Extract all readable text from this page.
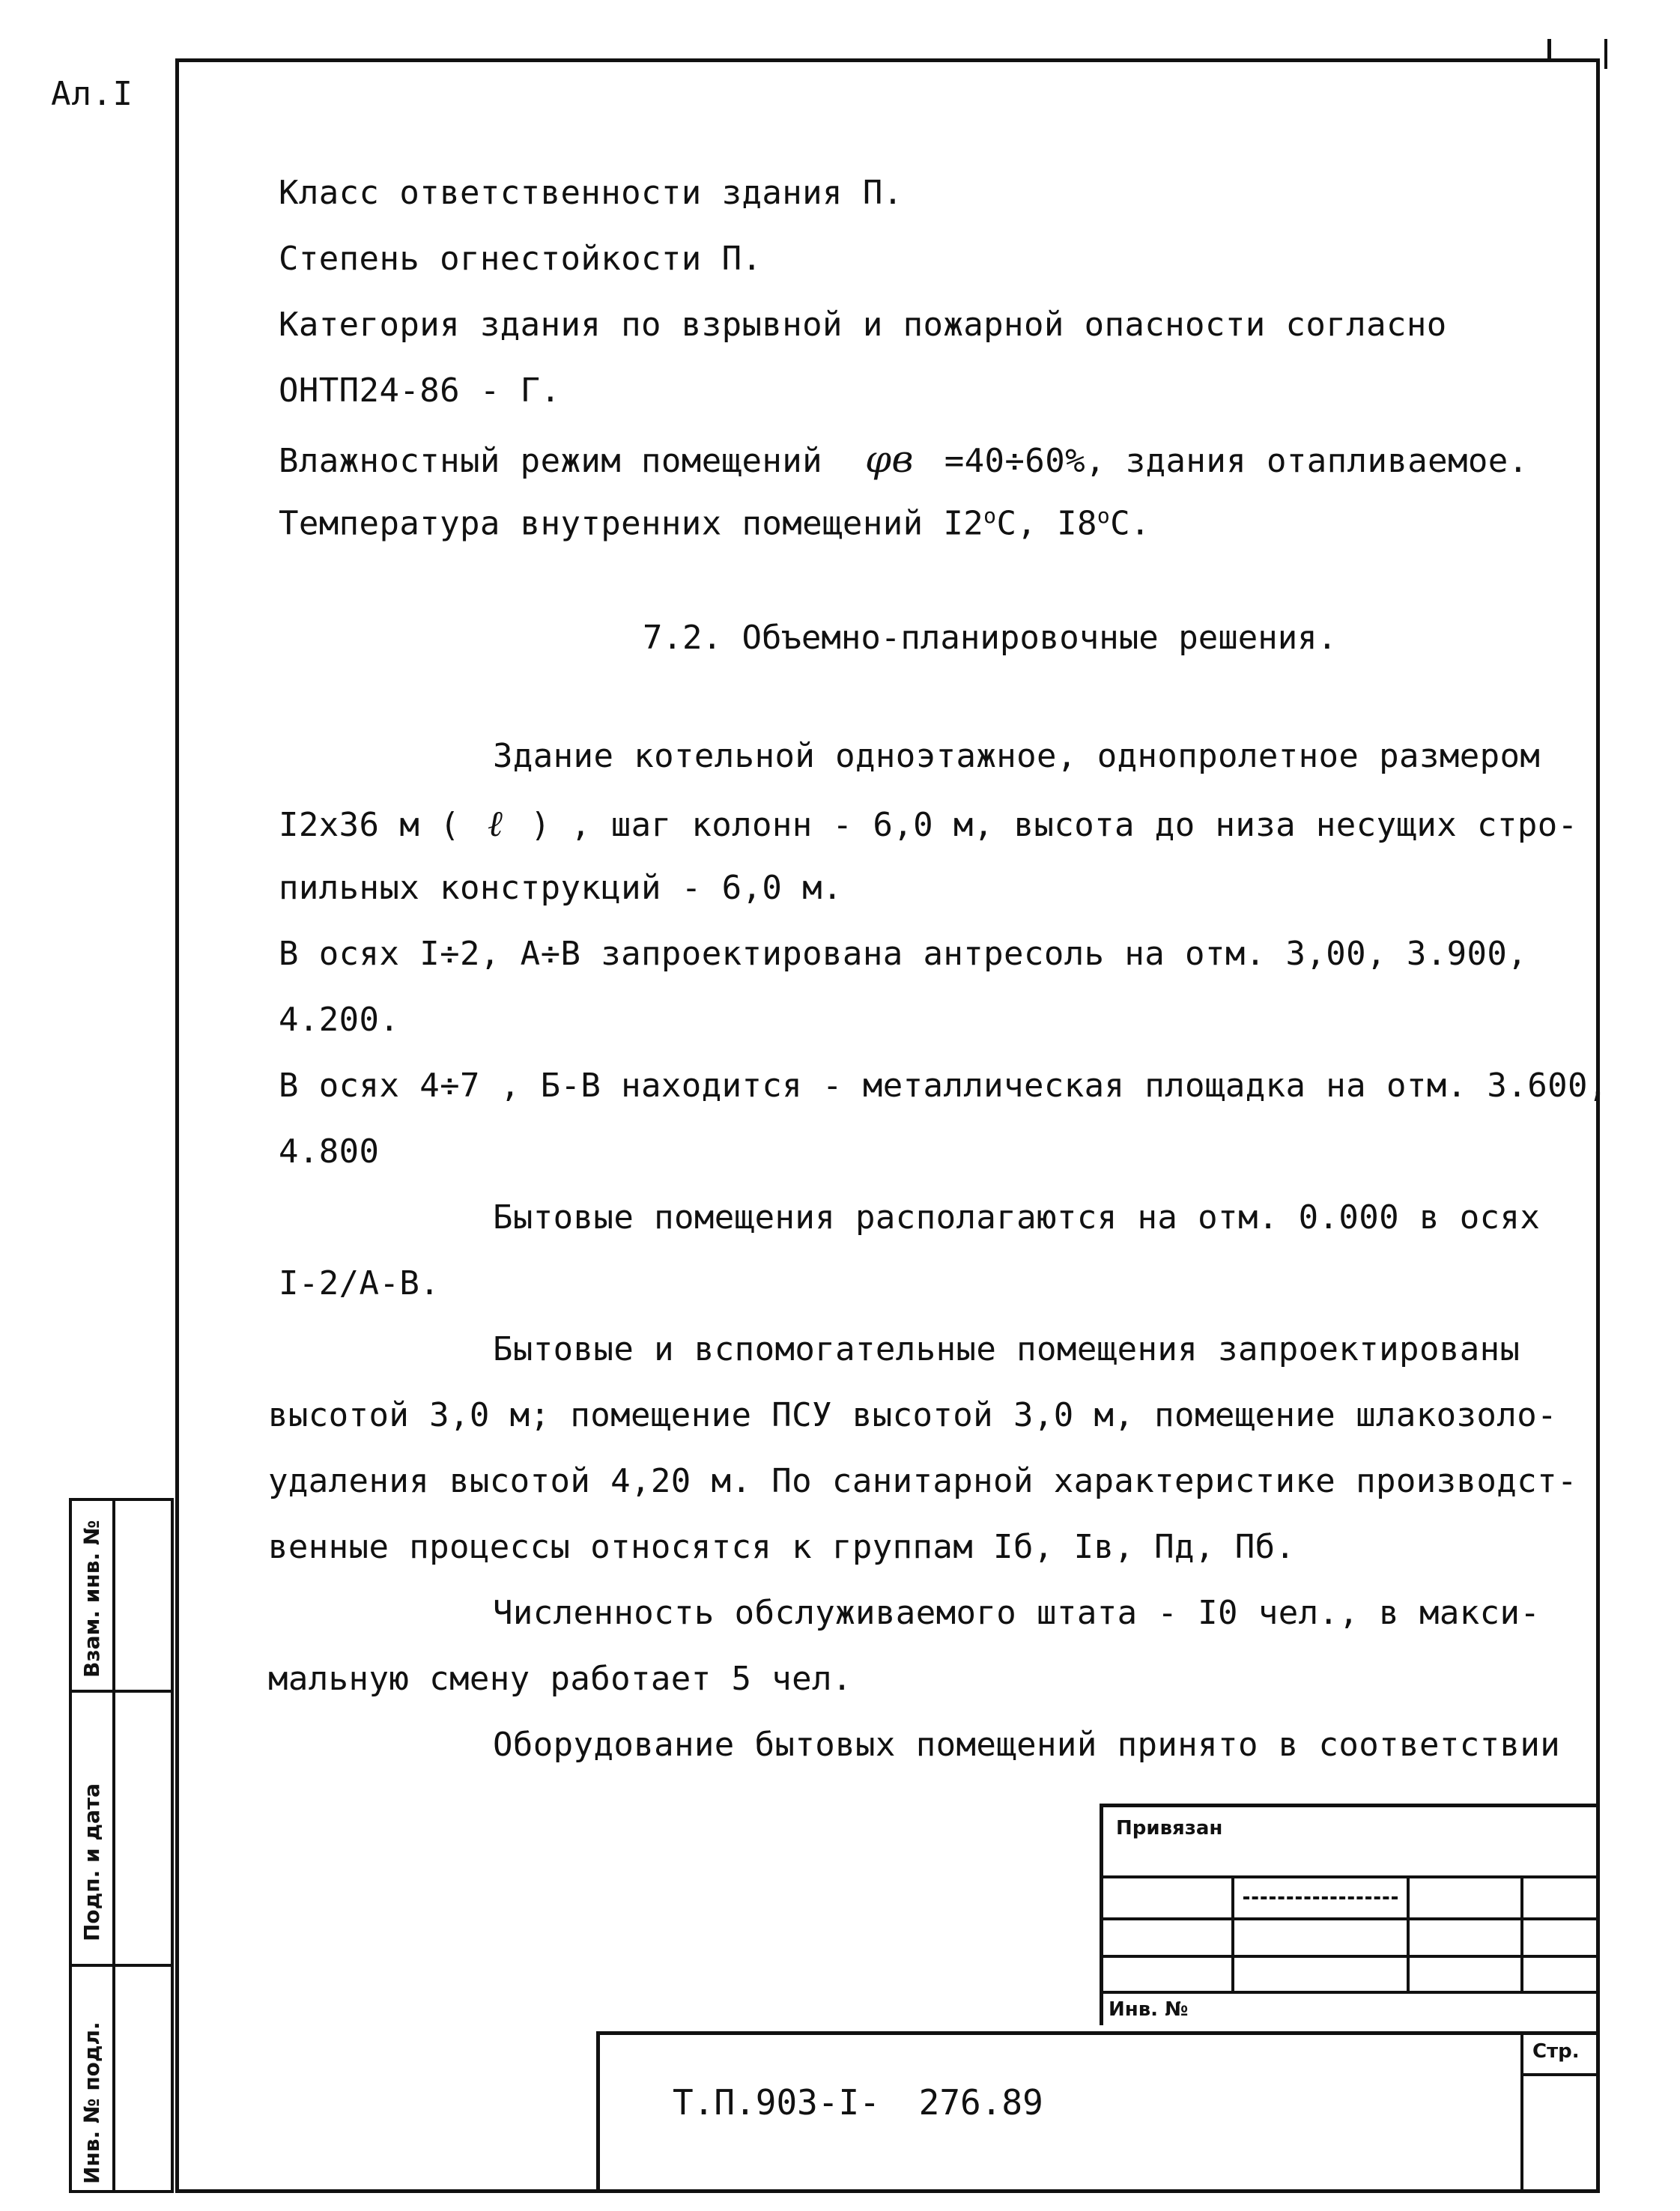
Ал.I
Класс ответственности здания П.
Степень огнестойкости П.
Категория здания по взрывной и пожарной опасности согласно
ОНТП24-86 - Г.
Влажностный режим помещений φв =40÷60%, здания отапливаемое.
Температура внутренних помещений I2$^o$C, I8$^o$C.
7.2. Объемно-планировочные решения.
Здание котельной одноэтажное, однопролетное размером
I2x36 м ( ℓ ) , шаг колонн - 6,0 м, высота до низа несущих стро-
пильных конструкций - 6,0 м.
В осях I÷2, А÷В запроектирована антресоль на отм. 3,00, 3.900,
4.200.
В осях 4÷7 , Б-В находится - металлическая площадка на отм. 3.600,
4.800
Бытовые помещения располагаются на отм. 0.000 в осях
I-2/А-В.
Бытовые и вспомогательные помещения запроектированы
высотой 3,0 м; помещение ПСУ высотой 3,0 м, помещение шлакозоло-
удаления высотой 4,20 м. По санитарной характеристике производст-
венные процессы относятся к группам Iб, Iв, Пд, Пб.
Численность обслуживаемого штата - I0 чел., в макси-
мальную смену работает 5 чел.
Оборудование бытовых помещений принято в соответствии
Взам. инв. №
Подп. и дата
Инв. № подл.
Привязан
Инв. №
Стр.
Т.П.903-I- 276.89
